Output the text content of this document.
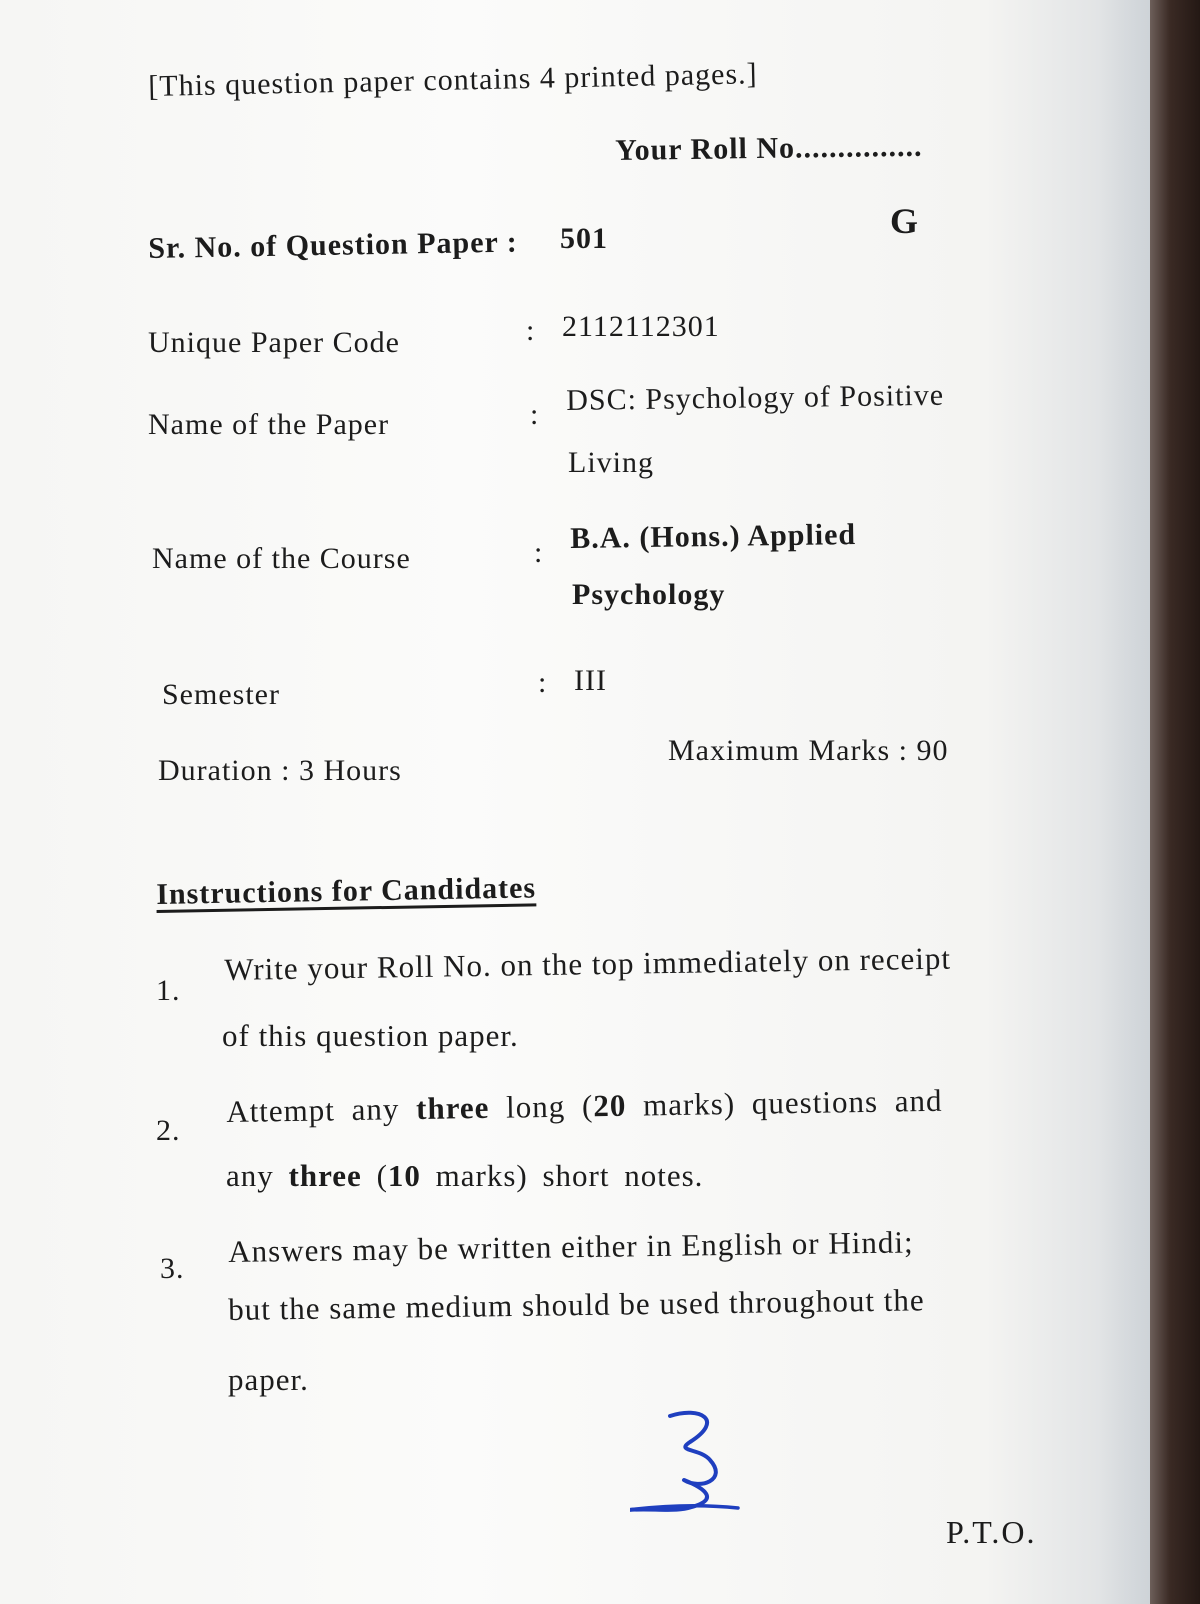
[This question paper contains 4 printed pages.]
Your Roll No...............
G
Sr. No. of Question Paper : 501
Unique Paper Code	: 2112112301
Name of the Paper	: DSC: Psychology of Positive
Living
Name of the Course	: B.A. (Hons.) Applied
Psychology
Semester	: III
Duration : 3 Hours
Maximum Marks : 90
Instructions for Candidates
1.
Write your Roll No. on the top immediately on receipt
of this question paper.
2.
Attempt any three long (20 marks) questions and
any three (10 marks) short notes.
3. Answers may be written either in English or Hindi;
but the same medium should be used throughout the
paper.
P.T.O.
